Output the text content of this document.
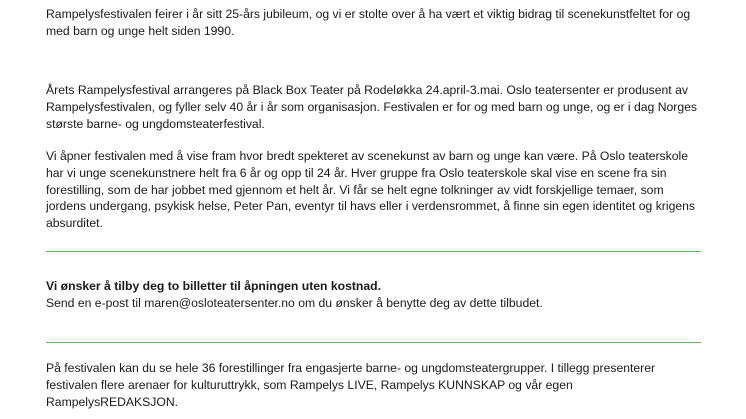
Rampelysfestivalen feirer i år sitt 25-års jubileum, og vi er stolte over å ha vært et viktig bidrag til scenekunstfeltet for og med barn og unge helt siden 1990.

Årets Rampelysfestival arrangeres på Black Box Teater på Rodeløkka 24.april-3.mai. Oslo teatersenter er produsent av Rampelysfestivalen, og fyller selv 40 år i år som organisasjon. Festivalen er for og med barn og unge, og er i dag Norges største barne- og ungdomsteaterfestival.

Vi åpner festivalen med å vise fram hvor bredt spekteret av scenekunst av barn og unge kan være. På Oslo teaterskole har vi unge scenekunstnere helt fra 6 år og opp til 24 år. Hver gruppe fra Oslo teaterskole skal vise en scene fra sin forestilling, som de har jobbet med gjennom et helt år. Vi får se helt egne tolkninger av vidt forskjellige temaer, som jordens undergang, psykisk helse, Peter Pan, eventyr til havs eller i verdensrommet, å finne sin egen identitet og krigens absurditet.

Vi ønsker å tilby deg to billetter til åpningen uten kostnad.
Send en e-post til maren@osloteatersenter.no om du ønsker å benytte deg av dette tilbudet.

På festivalen kan du se hele 36 forestillinger fra engasjerte barne- og ungdomsteatergrupper. I tillegg presenterer festivalen flere arenaer for kulturuttrykk, som Rampelys LIVE, Rampelys KUNNSKAP og vår egen RampelysREDAKSJON.
